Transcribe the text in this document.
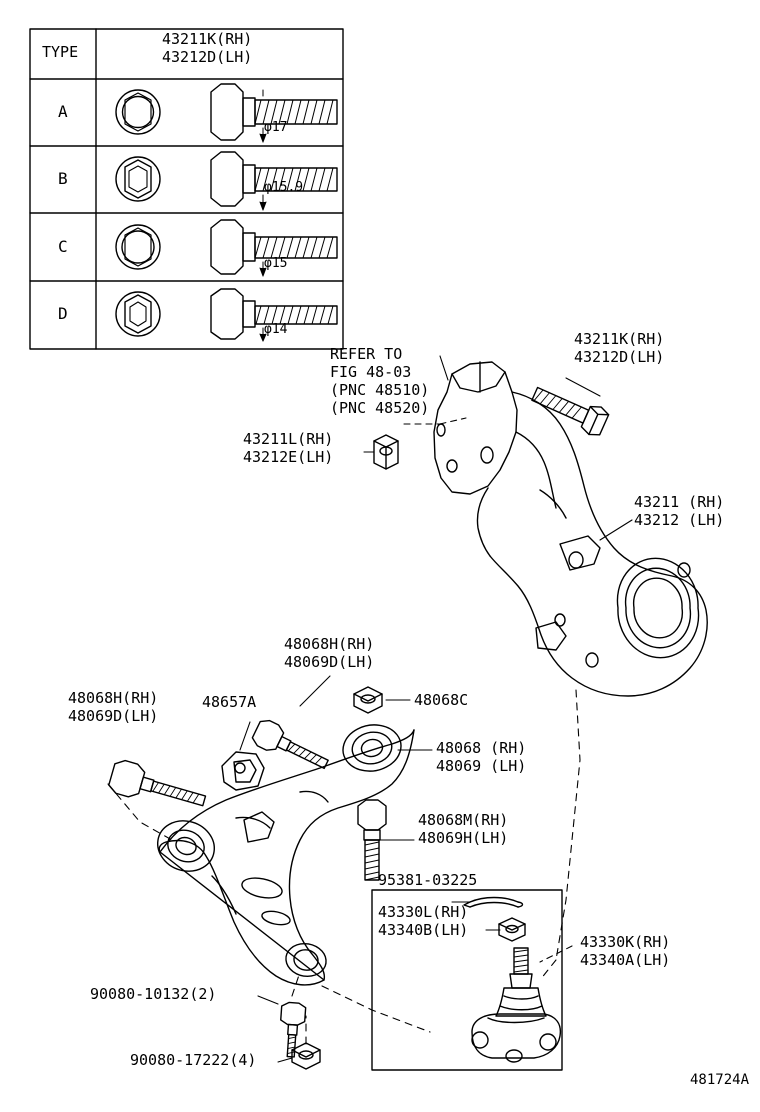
TYPE
43211K(RH)
43212D(LH)
A
B
C
D
φ17
φ15.9
φ15
φ14
REFER TO
FIG 48-03
(PNC 48510)
(PNC 48520)
43211K(RH)
43212D(LH)
43211L(RH)
43212E(LH)
43211 (RH)
43212 (LH)
48068H(RH)
48069D(LH)
48068H(RH)
48069D(LH)
48657A	48068C
48068 (RH)
48069 (LH)
48068M(RH)
48069H(LH)
95381-03225
43330L(RH)
43340B(LH)
43330K(RH)
43340A(LH)
90080-10132(2)
90080-17222(4)
481724A
